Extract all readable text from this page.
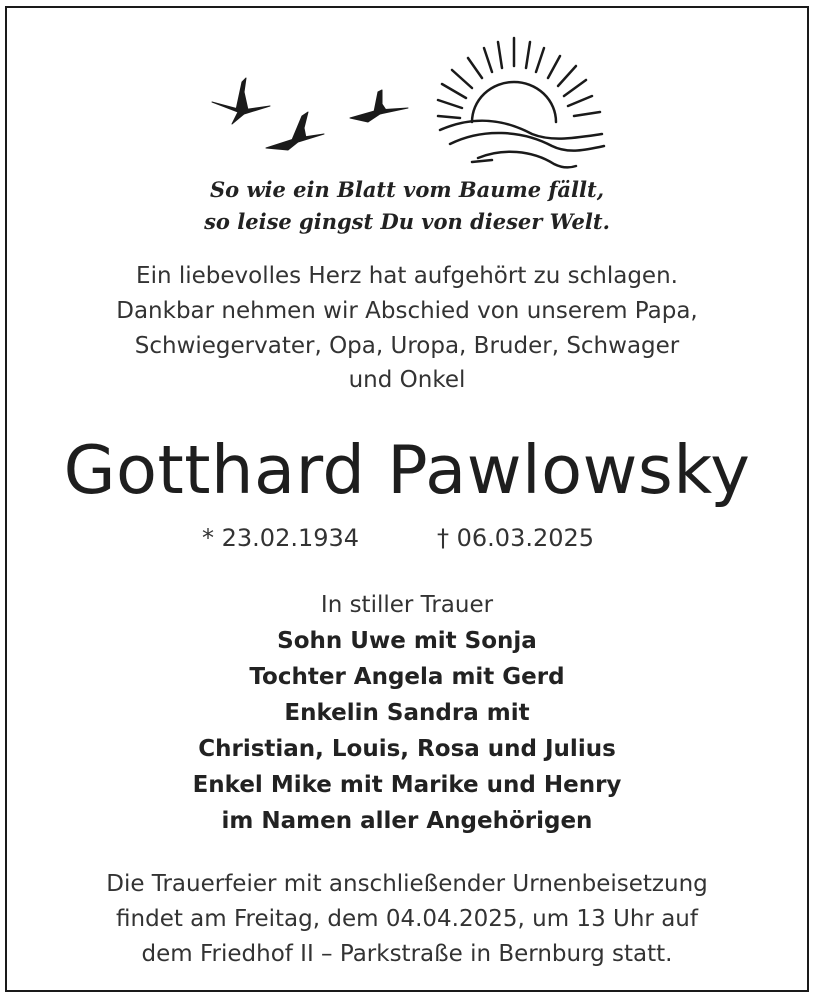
So wie ein Blatt vom Baume fällt,
so leise gingst Du von dieser Welt.
Ein liebevolles Herz hat aufgehört zu schlagen.
Dankbar nehmen wir Abschied von unserem Papa,
Schwiegervater, Opa, Uropa, Bruder, Schwager
und Onkel
Gotthard Pawlowsky
* 23.02.1934	† 06.03.2025
In stiller Trauer
Sohn Uwe mit Sonja
Tochter Angela mit Gerd
Enkelin Sandra mit
Christian, Louis, Rosa und Julius
Enkel Mike mit Marike und Henry
im Namen aller Angehörigen
Die Trauerfeier mit anschließender Urnenbeisetzung
findet am Freitag, dem 04.04.2025, um 13 Uhr auf
dem Friedhof II – Parkstraße in Bernburg statt.
